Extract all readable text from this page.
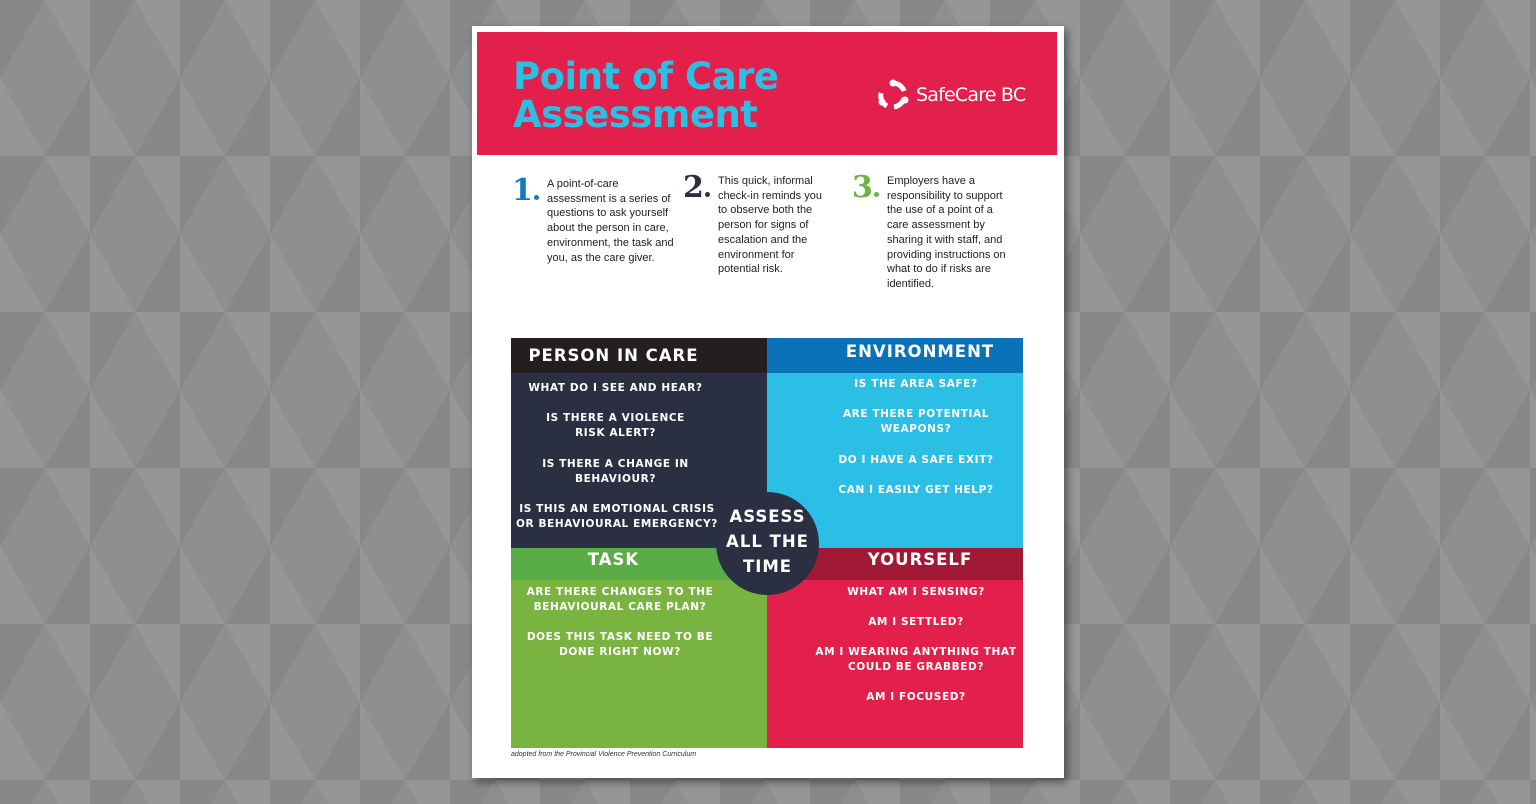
Point of Care
Assessment	SafeCare BC
1	A point-of-care assessment is a series of questions to ask yourself about the person in care, environment, the task and you, as the care giver.
2	This quick, informal check-in reminds you to observe both the person for signs of escalation and the environment for potential risk.
3	Employers have a responsibility to support the use of a point of a care assessment by sharing it with staff, and providing instructions on what to do if risks are identified.
PERSON IN CARE
WHAT DO I SEE AND HEAR?
IS THERE A VIOLENCE RISK ALERT?
IS THERE A CHANGE IN BEHAVIOUR?
IS THIS AN EMOTIONAL CRISIS OR BEHAVIOURAL EMERGENCY?
ENVIRONMENT
IS THE AREA SAFE?
ARE THERE POTENTIAL WEAPONS?
DO I HAVE A SAFE EXIT?
CAN I EASILY GET HELP?
TASK
ARE THERE CHANGES TO THE BEHAVIOURAL CARE PLAN?
DOES THIS TASK NEED TO BE DONE RIGHT NOW?
YOURSELF
WHAT AM I SENSING?
AM I SETTLED?
AM I WEARING ANYTHING THAT COULD BE GRABBED?
AM I FOCUSED?
ASSESS
ALL THE
TIME
adopted from the Provincial Violence Prevention Curriculum
